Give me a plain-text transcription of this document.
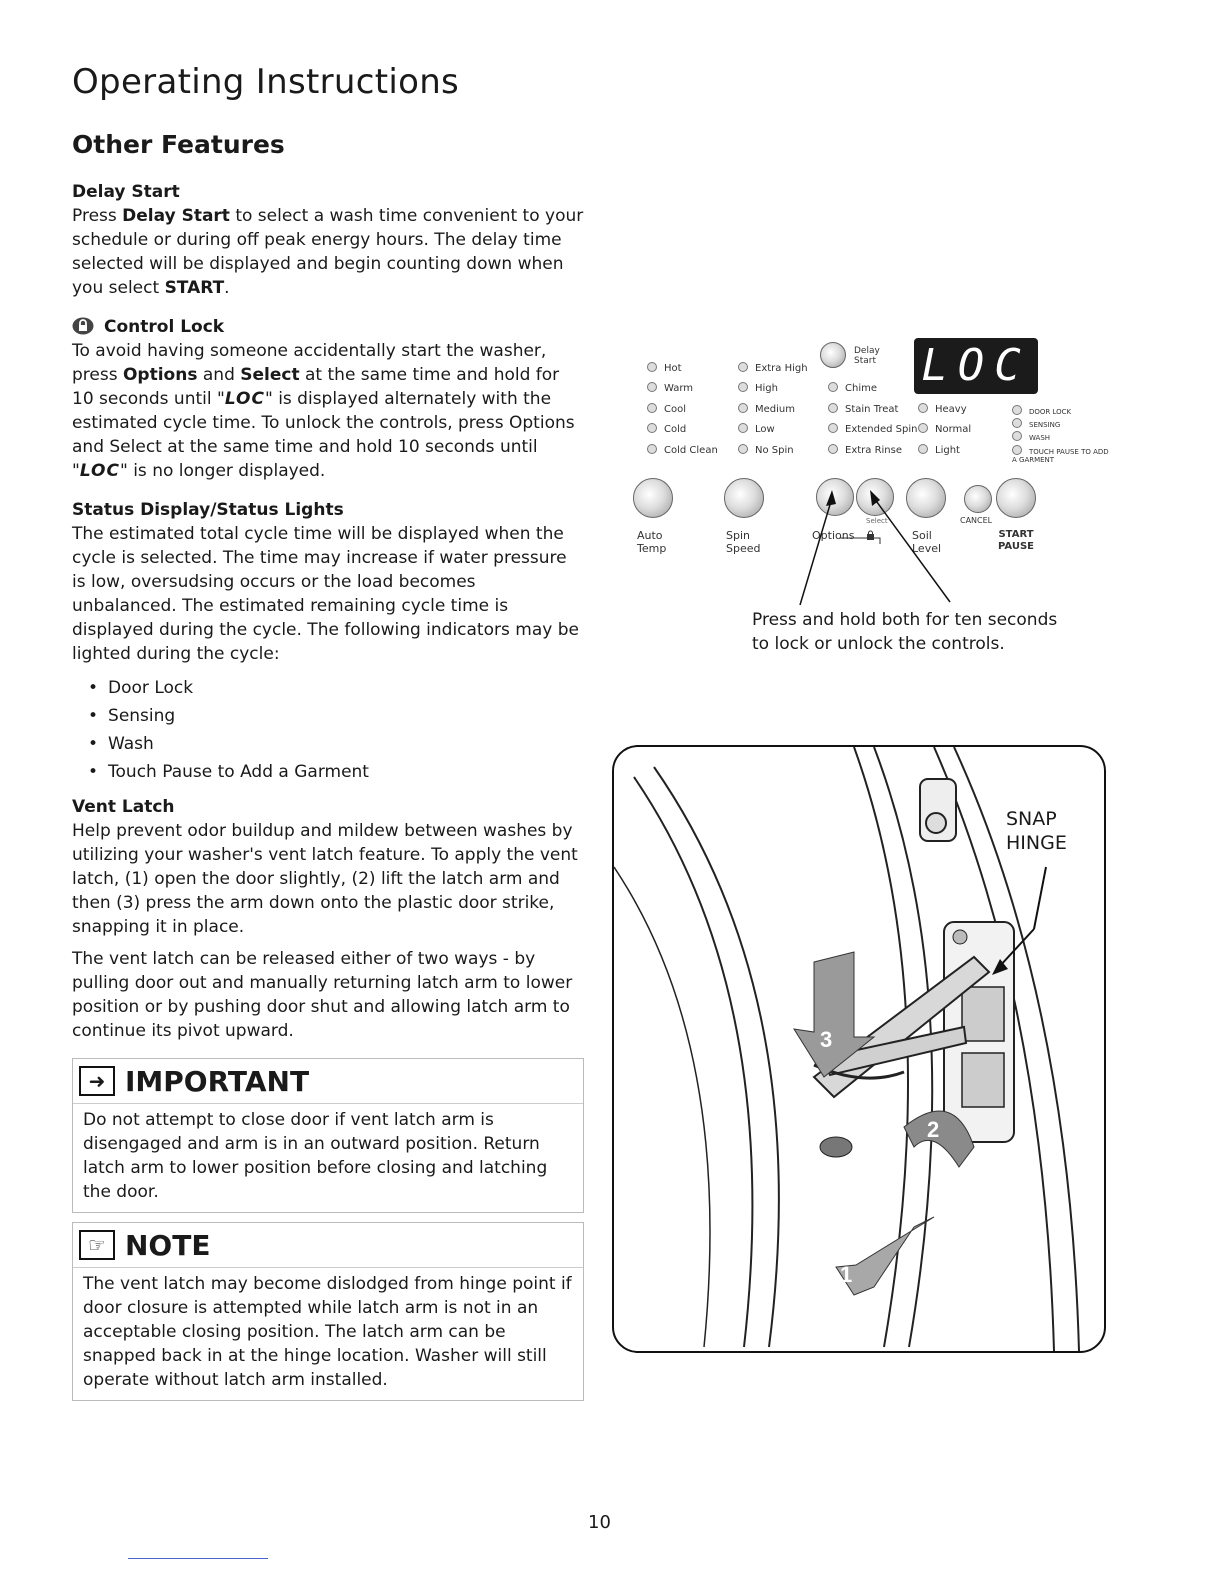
Operating Instructions
Other Features
Delay Start

Press Delay Start to select a wash time convenient to your schedule or during off peak energy hours. The delay time selected will be displayed and begin counting down when you select START.

Control Lock

To avoid having someone accidentally start the washer, press Options and Select at the same time and hold for 10 seconds until "LOC" is displayed alternately with the estimated cycle time. To unlock the controls, press Options and Select at the same time and hold 10 seconds until "LOC" is no longer displayed.

Status Display/Status Lights

The estimated total cycle time will be displayed when the cycle is selected. The time may increase if water pressure is low, oversudsing occurs or the load becomes unbalanced. The estimated remaining cycle time is displayed during the cycle. The following indicators may be lighted during the cycle:

• Door Lock
• Sensing
• Wash
• Touch Pause to Add a Garment
Vent Latch

Help prevent odor buildup and mildew between washes by utilizing your washer's vent latch feature. To apply the vent latch, (1) open the door slightly, (2) lift the latch arm and then (3) press the arm down onto the plastic door strike, snapping it in place.

The vent latch can be released either of two ways - by pulling door out and manually returning latch arm to lower position or by pushing door shut and allowing latch arm to continue its pivot upward.

➜ IMPORTANT
Do not attempt to close door if vent latch arm is disengaged and arm is in an outward position. Return latch arm to lower position before closing and latching the door.
☞ NOTE
The vent latch may become dislodged from hinge point if door closure is attempted while latch arm is not in an acceptable closing position. The latch arm can be snapped back in at the hinge location. Washer will still operate without latch arm installed.
Hot
Warm
Cool
Cold
Cold Clean
Extra High
High
Medium
Low
No Spin
Delay Start
Chime
Stain Treat
Extended Spin
Extra Rinse
Heavy
Normal
Light
LOC
DOOR LOCK
SENSING
WASH
TOUCH PAUSE TO ADD A GARMENT
Select	CANCEL
Auto Temp
Spin Speed
Options	Soil Level
START PAUSE
Press and hold both for ten seconds to lock or unlock the controls.
3
2
1
SNAP HINGE
10
